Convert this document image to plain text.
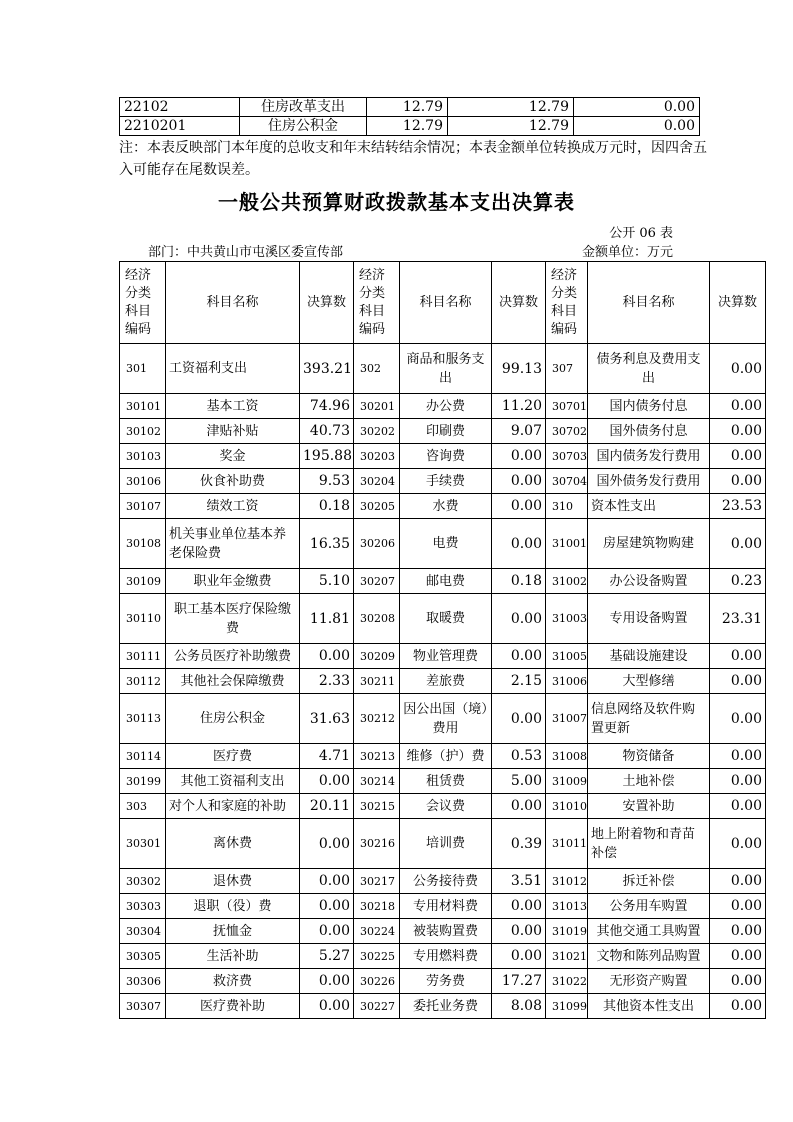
22102	住房改革支出	12.79	12.79	0.00
2210201	住房公积金	12.79	12.79	0.00
注：本表反映部门本年度的总收支和年末结转结余情况；本表金额单位转换成万元时，因四舍五入可能存在尾数误差。
一般公共预算财政拨款基本支出决算表
公开 06 表
部门：中共黄山市屯溪区委宣传部	金额单位：万元
经济分类科目编码	科目名称	决算数	经济分类科目编码	科目名称	决算数	经济分类科目编码	科目名称	决算数
301	工资福利支出	393.21	302	商品和服务支出	99.13	307	债务利息及费用支出	0.00
30101	基本工资	74.96	30201	办公费	11.20	30701	国内债务付息	0.00
30102	津贴补贴	40.73	30202	印刷费	9.07	30702	国外债务付息	0.00
30103	奖金	195.88	30203	咨询费	0.00	30703	国内债务发行费用	0.00
30106	伙食补助费	9.53	30204	手续费	0.00	30704	国外债务发行费用	0.00
30107	绩效工资	0.18	30205	水费	0.00	310	资本性支出	23.53
30108	机关事业单位基本养老保险费	16.35	30206	电费	0.00	31001	房屋建筑物购建	0.00
30109	职业年金缴费	5.10	30207	邮电费	0.18	31002	办公设备购置	0.23
30110	职工基本医疗保险缴费	11.81	30208	取暖费	0.00	31003	专用设备购置	23.31
30111	公务员医疗补助缴费	0.00	30209	物业管理费	0.00	31005	基础设施建设	0.00
30112	其他社会保障缴费	2.33	30211	差旅费	2.15	31006	大型修缮	0.00
30113	住房公积金	31.63	30212	因公出国（境）费用	0.00	31007	信息网络及软件购置更新	0.00
30114	医疗费	4.71	30213	维修（护）费	0.53	31008	物资储备	0.00
30199	其他工资福利支出	0.00	30214	租赁费	5.00	31009	土地补偿	0.00
303	对个人和家庭的补助	20.11	30215	会议费	0.00	31010	安置补助	0.00
30301	离休费	0.00	30216	培训费	0.39	31011	地上附着物和青苗补偿	0.00
30302	退休费	0.00	30217	公务接待费	3.51	31012	拆迁补偿	0.00
30303	退职（役）费	0.00	30218	专用材料费	0.00	31013	公务用车购置	0.00
30304	抚恤金	0.00	30224	被装购置费	0.00	31019	其他交通工具购置	0.00
30305	生活补助	5.27	30225	专用燃料费	0.00	31021	文物和陈列品购置	0.00
30306	救济费	0.00	30226	劳务费	17.27	31022	无形资产购置	0.00
30307	医疗费补助	0.00	30227	委托业务费	8.08	31099	其他资本性支出	0.00
